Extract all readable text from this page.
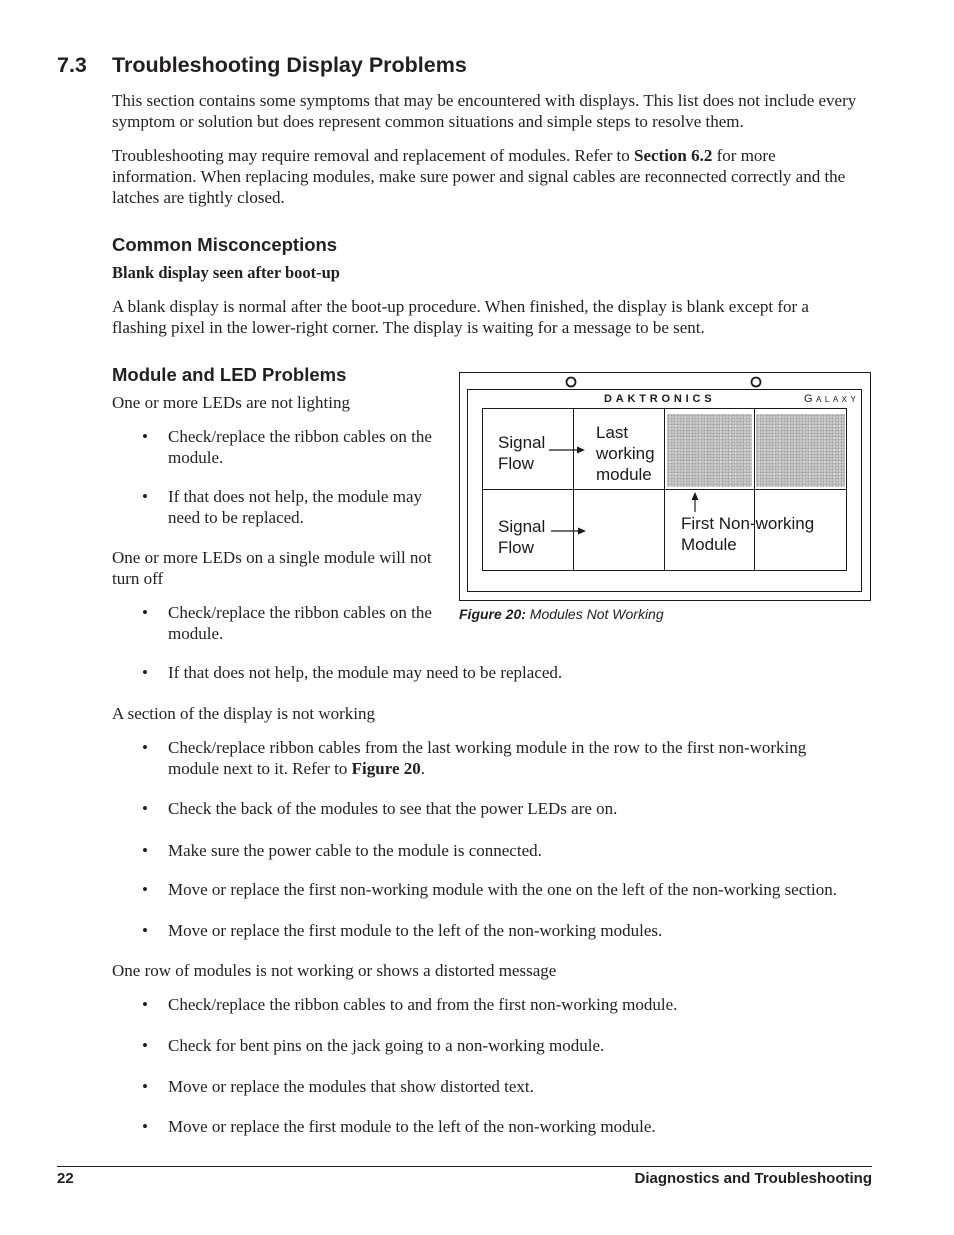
7.3 Troubleshooting Display Problems
This section contains some symptoms that may be encountered with displays. This list does not include every
symptom or solution but does represent common situations and simple steps to resolve them.
Troubleshooting may require removal and replacement of modules. Refer to Section 6.2 for more
information. When replacing modules, make sure power and signal cables are reconnected correctly and the
latches are tightly closed.
Common Misconceptions
Blank display seen after boot-up
A blank display is normal after the boot-up procedure. When finished, the display is blank except for a
flashing pixel in the lower-right corner. The display is waiting for a message to be sent.
Module and LED Problems
One or more LEDs are not lighting
• Check/replace the ribbon cables on the
module.
• If that does not help, the module may
need to be replaced.
One or more LEDs on a single module will not
turn off
• Check/replace the ribbon cables on the
module.
• If that does not help, the module may need to be replaced.
A section of the display is not working
• Check/replace ribbon cables from the last working module in the row to the first non-working
module next to it. Refer to Figure 20.
• Check the back of the modules to see that the power LEDs are on.
• Make sure the power cable to the module is connected.
• Move or replace the first non-working module with the one on the left of the non-working section.
• Move or replace the first module to the left of the non-working modules.
One row of modules is not working or shows a distorted message
• Check/replace the ribbon cables to and from the first non-working module.
• Check for bent pins on the jack going to a non-working module.
• Move or replace the modules that show distorted text.
• Move or replace the first module to the left of the non-working module.
DAKTRONICS	Galaxy
Signal
Flow
Last
working
module
Signal
Flow
First Non-working
Module
Figure 20: Modules Not Working
22	Diagnostics and Troubleshooting
